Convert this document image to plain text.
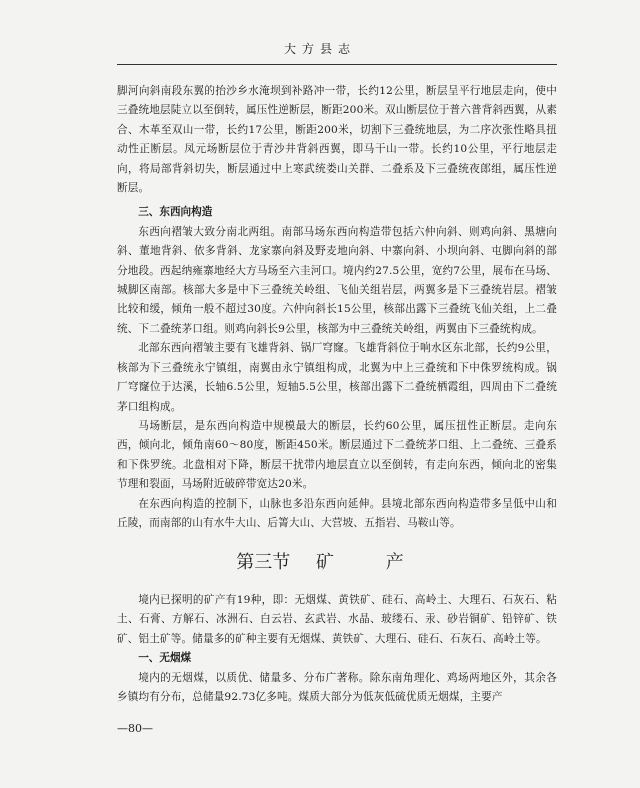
大方县志

脚河向斜南段东翼的抬沙乡水淹坝到补路冲一带，长约12公里，断层呈平行地层走向，使中三叠统地层陡立以至倒转，属压性逆断层，断距200米。双山断层位于普六普背斜西翼，从素合、木革至双山一带，长约17公里，断距200米，切割下三叠统地层，为二序次张性略具扭动性正断层。凤元场断层位于青沙井背斜西翼，即马干山一带。长约10公里，平行地层走向，将局部背斜切失，断层通过中上寒武统娄山关群、二叠系及下三叠统夜郎组，属压性逆断层。

三、东西向构造

东西向褶皱大致分南北两组。南部马场东西向构造带包括六仲向斜、则鸡向斜、黑塘向斜、董地背斜、依多背斜、龙家寨向斜及野麦地向斜、中寨向斜、小坝向斜、屯脚向斜的部分地段。西起纳雍寨地经大方马场至六圭河口。境内约27.5公里，宽约7公里，展布在马场、城脚区南部。核部大多是中下三叠统关岭组、飞仙关组岩层，两翼多是下三叠统岩层。褶皱比较和缓，倾角一般不超过30度。六仲向斜长15公里，核部出露下三叠统飞仙关组，上二叠统、下二叠统茅口组。则鸡向斜长9公里，核部为中三叠统关岭组，两翼由下三叠统构成。

北部东西向褶皱主要有飞雄背斜、锅厂穹窿。飞雄背斜位于响水区东北部，长约9公里，核部为下三叠统永宁镇组，南翼由永宁镇组构成，北翼为中上三叠统和下中侏罗统构成。锅厂穹窿位于达溪，长轴6.5公里，短轴5.5公里，核部出露下二叠统栖霞组，四周由下二叠统茅口组构成。

马场断层，是东西向构造中规模最大的断层，长约60公里，属压扭性正断层。走向东西，倾向北，倾角南60～80度，断距450米。断层通过下二叠统茅口组、上二叠统、三叠系和下侏罗统。北盘相对下降，断层干扰带内地层直立以至倒转，有走向东西，倾向北的密集节理和裂面，马场附近破碎带宽达20米。

在东西向构造的控制下，山脉也多沿东西向延伸。县境北部东西向构造带多呈低中山和丘陵，而南部的山有水牛大山、后箐大山、大营坡、五指岩、马鞍山等。

第三节 矿	产

境内已探明的矿产有19种，即：无烟煤、黄铁矿、硅石、高岭土、大理石、石灰石、粘土、石膏、方解石、冰洲石、白云岩、玄武岩、水晶、玻缕石、汞、砂岩铜矿、铅锌矿、铁矿、铝土矿等。储量多的矿种主要有无烟煤、黄铁矿、大理石、硅石、石灰石、高岭土等。

一、无烟煤

境内的无烟煤，以质优、储量多、分布广著称。除东南角理化、鸡场两地区外，其余各乡镇均有分布，总储量92.73亿多吨。煤质大部分为低灰低硫优质无烟煤，主要产

—80—
